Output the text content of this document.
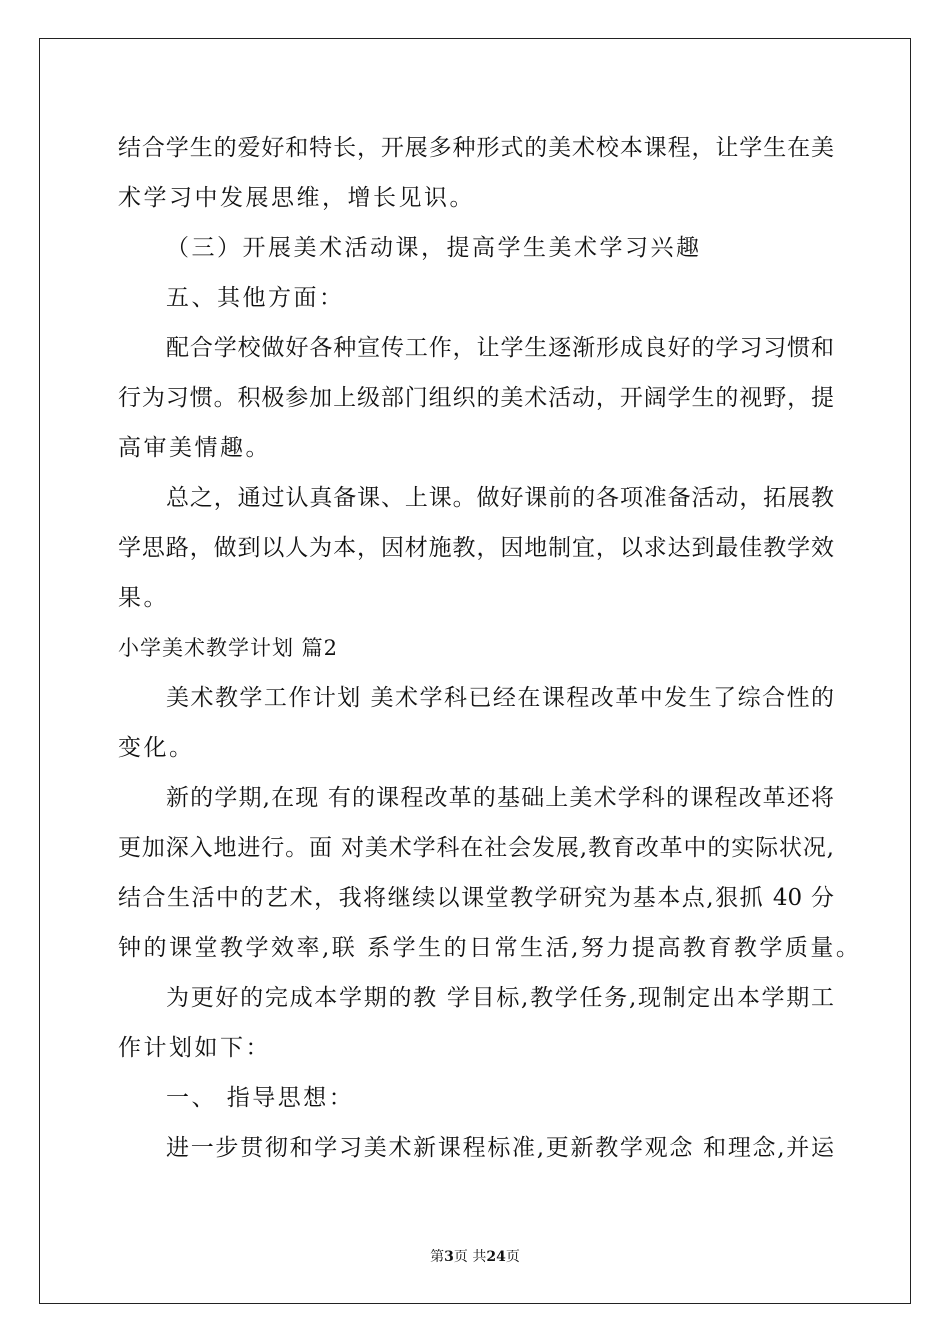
结合学生的爱好和特长，开展多种形式的美术校本课程，让学生在美

术学习中发展思维，增长见识。

（三）开展美术活动课，提高学生美术学习兴趣

五、其他方面：

配合学校做好各种宣传工作，让学生逐渐形成良好的学习习惯和

行为习惯。积极参加上级部门组织的美术活动，开阔学生的视野，提

高审美情趣。

总之，通过认真备课、上课。做好课前的各项准备活动，拓展教

学思路，做到以人为本，因材施教，因地制宜，以求达到最佳教学效

果。

小学美术教学计划 篇2

美术教学工作计划 美术学科已经在课程改革中发生了综合性的

变化。

新的学期,在现 有的课程改革的基础上美术学科的课程改革还将

更加深入地进行。面 对美术学科在社会发展,教育改革中的实际状况,

结合生活中的艺术，我将继续以课堂教学研究为基本点,狠抓 40 分

钟的课堂教学效率,联 系学生的日常生活,努力提高教育教学质量。

为更好的完成本学期的教 学目标,教学任务,现制定出本学期工

作计划如下：

一、 指导思想：

进一步贯彻和学习美术新课程标准,更新教学观念 和理念,并运

第3页 共24页
